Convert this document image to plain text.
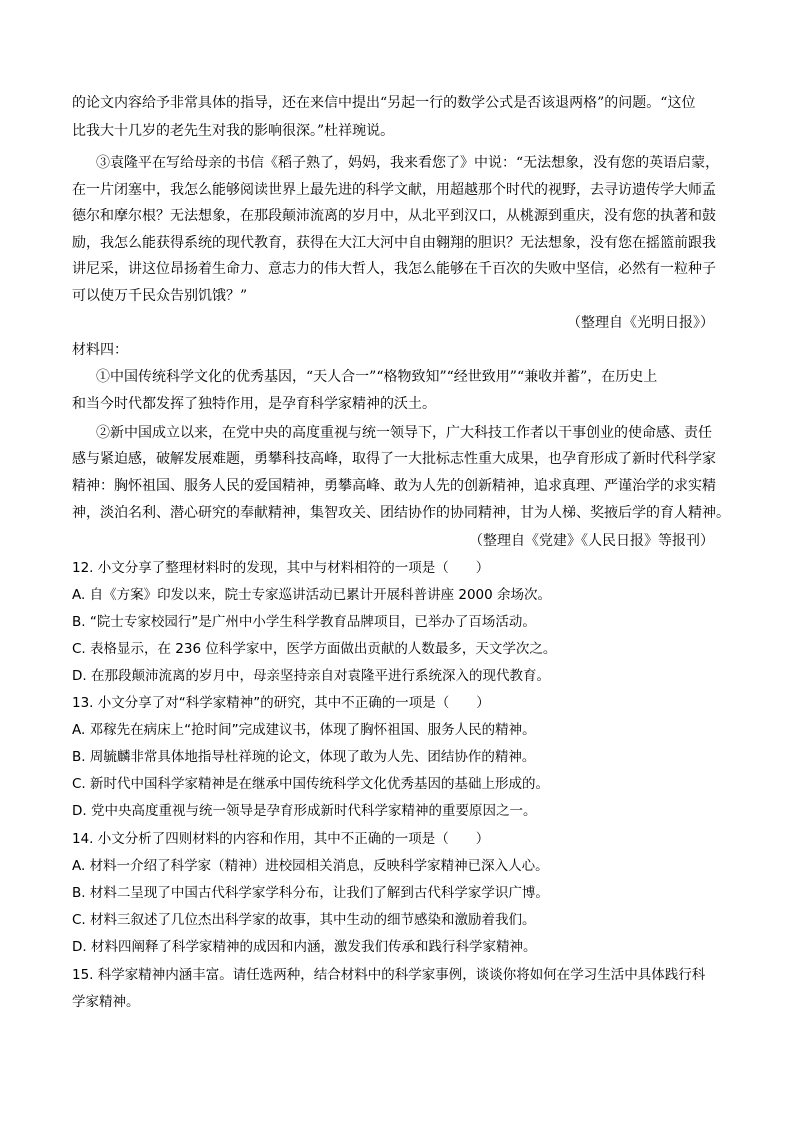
的论文内容给予非常具体的指导，还在来信中提出“另起一行的数学公式是否该退两格”的问题。“这位
比我大十几岁的老先生对我的影响很深。”杜祥琬说。
③袁隆平在写给母亲的书信《稻子熟了，妈妈，我来看您了》中说：“无法想象，没有您的英语启蒙，
在一片闭塞中，我怎么能够阅读世界上最先进的科学文献，用超越那个时代的视野，去寻访遗传学大师孟
德尔和摩尔根？无法想象，在那段颠沛流离的岁月中，从北平到汉口，从桃源到重庆，没有您的执著和鼓
励，我怎么能获得系统的现代教育，获得在大江大河中自由翱翔的胆识？无法想象，没有您在摇篮前跟我
讲尼采，讲这位昂扬着生命力、意志力的伟大哲人，我怎么能够在千百次的失败中坚信，必然有一粒种子
可以使万千民众告别饥饿？”
（整理自《光明日报》）
材料四：
①中国传统科学文化的优秀基因，“天人合一”“格物致知”“经世致用”“兼收并蓄”，在历史上
和当今时代都发挥了独特作用，是孕育科学家精神的沃土。
②新中国成立以来，在党中央的高度重视与统一领导下，广大科技工作者以干事创业的使命感、责任
感与紧迫感，破解发展难题，勇攀科技高峰，取得了一大批标志性重大成果，也孕育形成了新时代科学家
精神：胸怀祖国、服务人民的爱国精神，勇攀高峰、敢为人先的创新精神，追求真理、严谨治学的求实精
神，淡泊名利、潜心研究的奉献精神，集智攻关、团结协作的协同精神，甘为人梯、奖掖后学的育人精神。
（整理自《党建》《人民日报》等报刊）
12. 小文分享了整理材料时的发现，其中与材料相符的一项是（　　）
A. 自《方案》印发以来，院士专家巡讲活动已累计开展科普讲座 2000 余场次。
B. “院士专家校园行”是广州中小学生科学教育品牌项目，已举办了百场活动。
C. 表格显示，在 236 位科学家中，医学方面做出贡献的人数最多，天文学次之。
D. 在那段颠沛流离的岁月中，母亲坚持亲自对袁隆平进行系统深入的现代教育。
13. 小文分享了对“科学家精神”的研究，其中不正确的一项是（　　）
A. 邓稼先在病床上“抢时间”完成建议书，体现了胸怀祖国、服务人民的精神。
B. 周毓麟非常具体地指导杜祥琬的论文，体现了敢为人先、团结协作的精神。
C. 新时代中国科学家精神是在继承中国传统科学文化优秀基因的基础上形成的。
D. 党中央高度重视与统一领导是孕育形成新时代科学家精神的重要原因之一。
14. 小文分析了四则材料的内容和作用，其中不正确的一项是（　　）
A. 材料一介绍了科学家（精神）进校园相关消息，反映科学家精神已深入人心。
B. 材料二呈现了中国古代科学家学科分布，让我们了解到古代科学家学识广博。
C. 材料三叙述了几位杰出科学家的故事，其中生动的细节感染和激励着我们。
D. 材料四阐释了科学家精神的成因和内涵，激发我们传承和践行科学家精神。
15. 科学家精神内涵丰富。请任选两种，结合材料中的科学家事例，谈谈你将如何在学习生活中具体践行科
学家精神。
